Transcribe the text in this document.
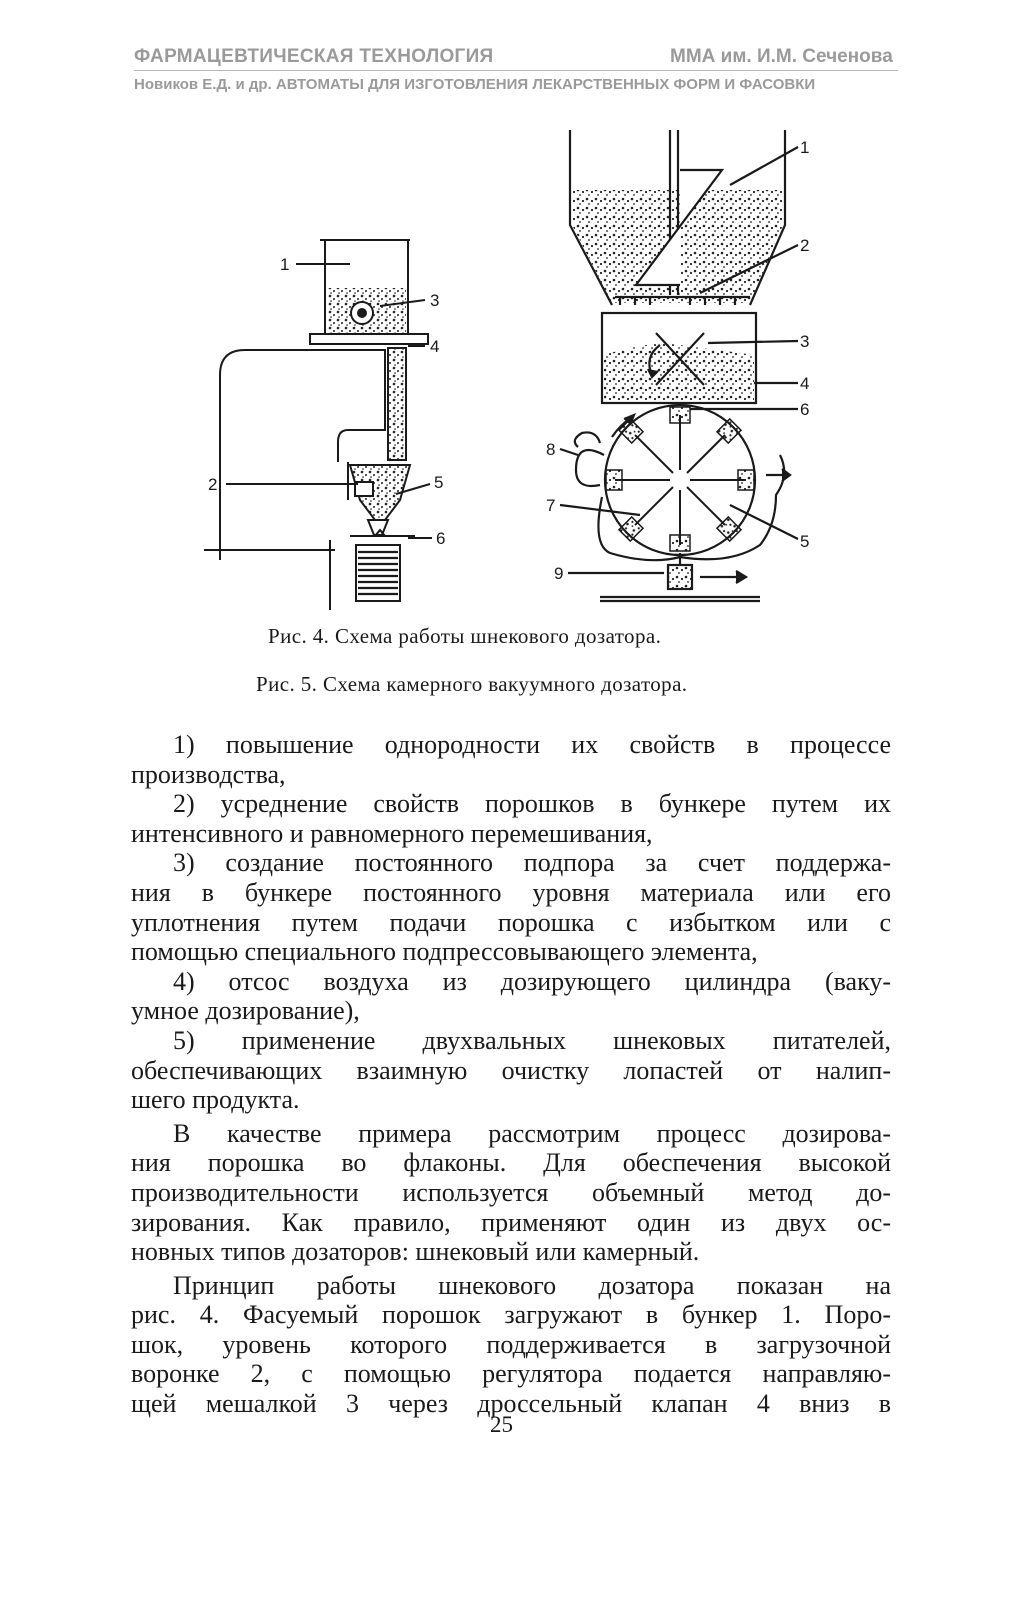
ФАРМАЦЕВТИЧЕСКАЯ ТЕХНОЛОГИЯ	ММА им. И.М. Сеченова
Новиков Е.Д. и др. АВТОМАТЫ ДЛЯ ИЗГОТОВЛЕНИЯ ЛЕКАРСТВЕННЫХ ФОРМ И ФАСОВКИ
1
3
4
2	5
6
1
2
3
4
6
8
7
5
9
Рис. 4. Схема работы шнекового дозатора.
Рис. 5. Схема камерного вакуумного дозатора.

1) повышение однородности их свойств в процессе

производства,

2) усреднение свойств порошков в бункере путем их

интенсивного и равномерного перемешивания,

3) создание постоянного подпора за счет поддержа-

ния в бункере постоянного уровня материала или его

уплотнения путем подачи порошка с избытком или с

помощью специального подпрессовывающего элемента,

4) отсос воздуха из дозирующего цилиндра (ваку-

умное дозирование),

5) применение двухвальных шнековых питателей,

обеспечивающих взаимную очистку лопастей от налип-

шего продукта.

В качестве примера рассмотрим процесс дозирова-

ния порошка во флаконы. Для обеспечения высокой

производительности используется объемный метод до-

зирования. Как правило, применяют один из двух ос-

новных типов дозаторов: шнековый или камерный.

Принцип работы шнекового дозатора показан на

рис. 4. Фасуемый порошок загружают в бункер 1. Поро-

шок, уровень которого поддерживается в загрузочной

воронке 2, с помощью регулятора подается направляю-

щей мешалкой 3 через дроссельный клапан 4 вниз в

25
